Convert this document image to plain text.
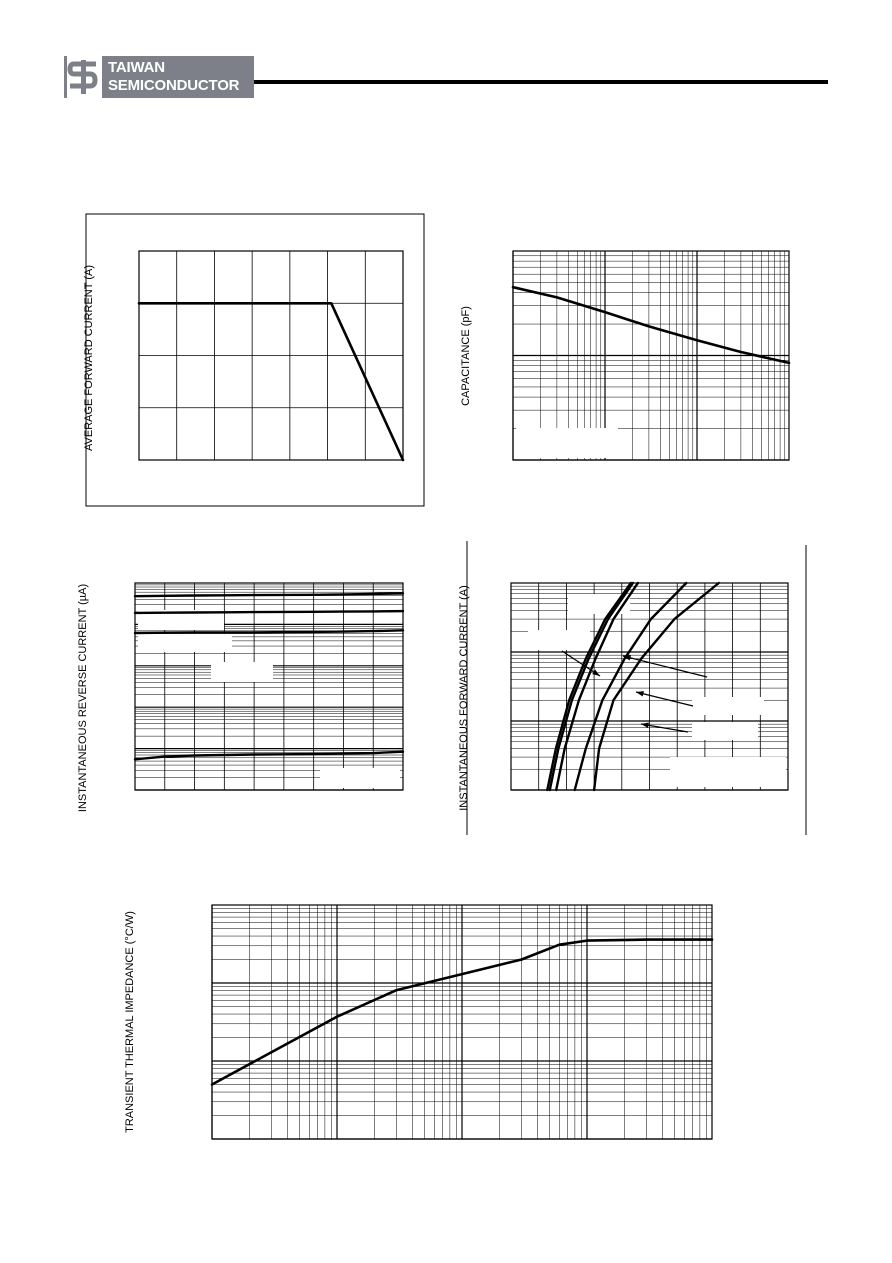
TAIWAN
SEMICONDUCTOR
AVERAGE FORWARD CURRENT (A)	CAPACITANCE (pF)
INSTANTANEOUS REVERSE CURRENT (µA)	INSTANTANEOUS FORWARD CURRENT (A)
TRANSIENT THERMAL IMPEDANCE (°C/W)
